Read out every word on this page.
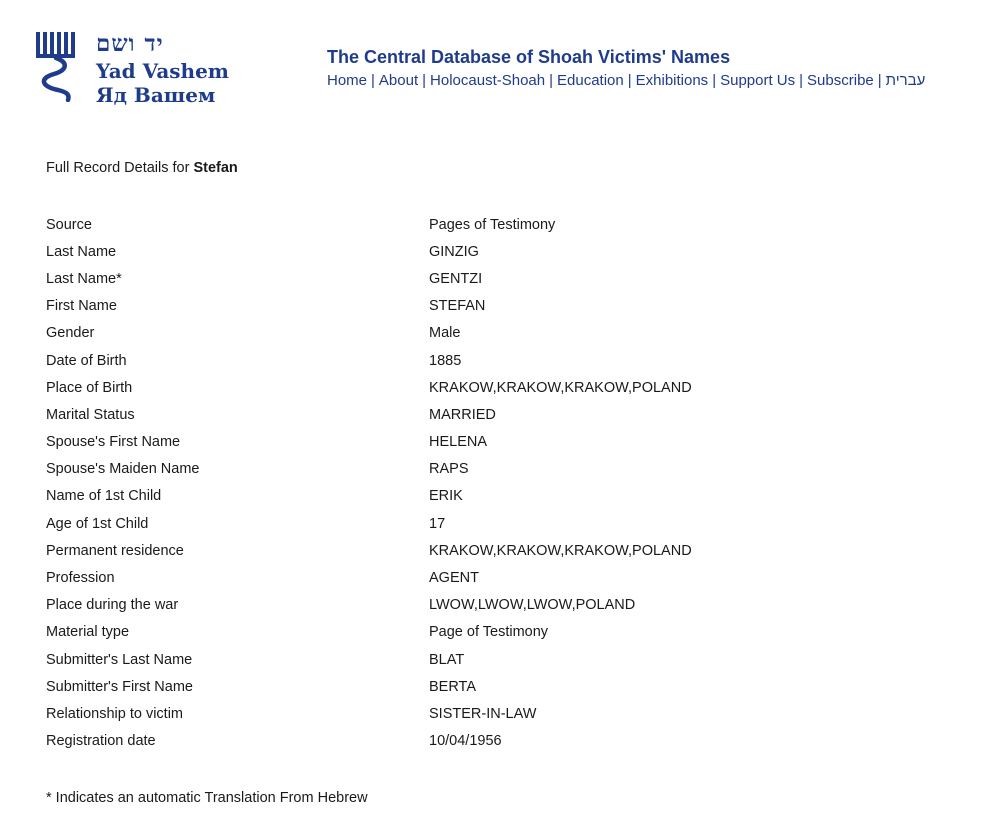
יד ושם
Yad Vashem
Яд Вашем
The Central Database of Shoah Victims' Names
Home | About | Holocaust-Shoah | Education | Exhibitions | Support Us | Subscribe | עברית
Full Record Details for Stefan
Source	Pages of Testimony
Last Name	GINZIG
Last Name*	GENTZI
First Name	STEFAN
Gender	Male
Date of Birth	1885
Place of Birth	KRAKOW,KRAKOW,KRAKOW,POLAND
Marital Status	MARRIED
Spouse's First Name	HELENA
Spouse's Maiden Name	RAPS
Name of 1st Child	ERIK
Age of 1st Child	17
Permanent residence	KRAKOW,KRAKOW,KRAKOW,POLAND
Profession	AGENT
Place during the war	LWOW,LWOW,LWOW,POLAND
Material type	Page of Testimony
Submitter's Last Name	BLAT
Submitter's First Name	BERTA
Relationship to victim	SISTER-IN-LAW
Registration date	10/04/1956
* Indicates an automatic Translation From Hebrew
